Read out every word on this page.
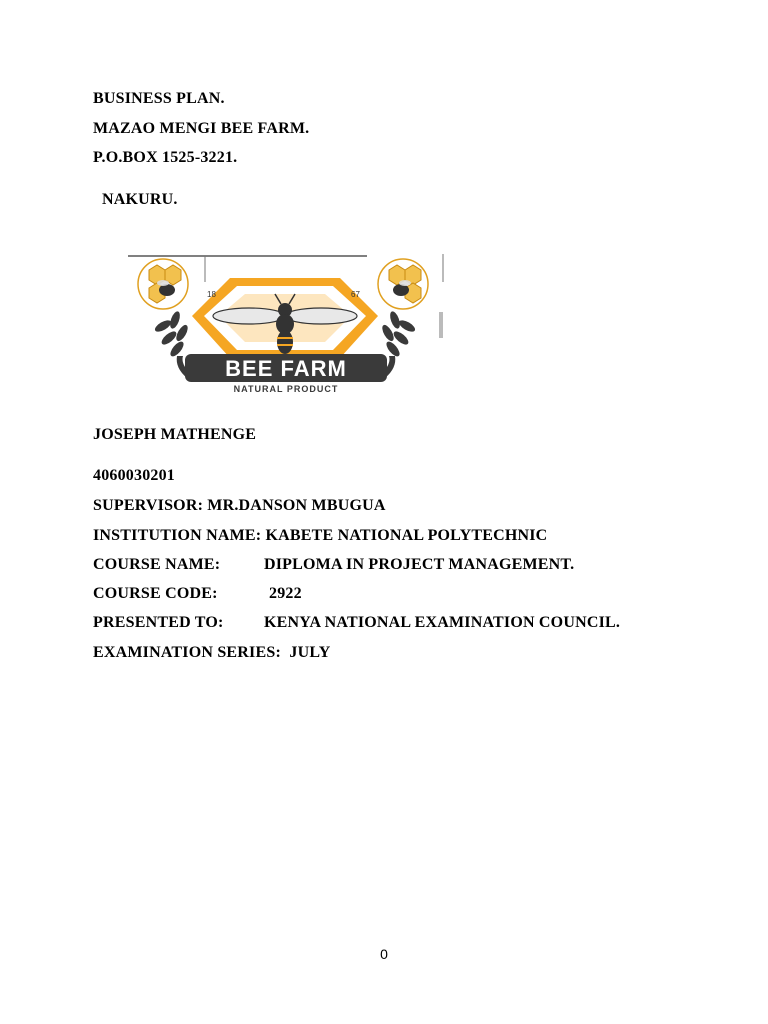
BUSINESS PLAN.
MAZAO MENGI BEE FARM.
P.O.BOX 1525-3221.
NAKURU.
18	67
BEE FARM
NATURAL PRODUCT
JOSEPH MATHENGE
4060030201
SUPERVISOR: MR.DANSON MBUGUA
INSTITUTION NAME: KABETE NATIONAL POLYTECHNIC
COURSE NAME:	DIPLOMA IN PROJECT MANAGEMENT.
COURSE CODE:	2922
PRESENTED TO:	KENYA NATIONAL EXAMINATION COUNCIL.
EXAMINATION SERIES: JULY
0
